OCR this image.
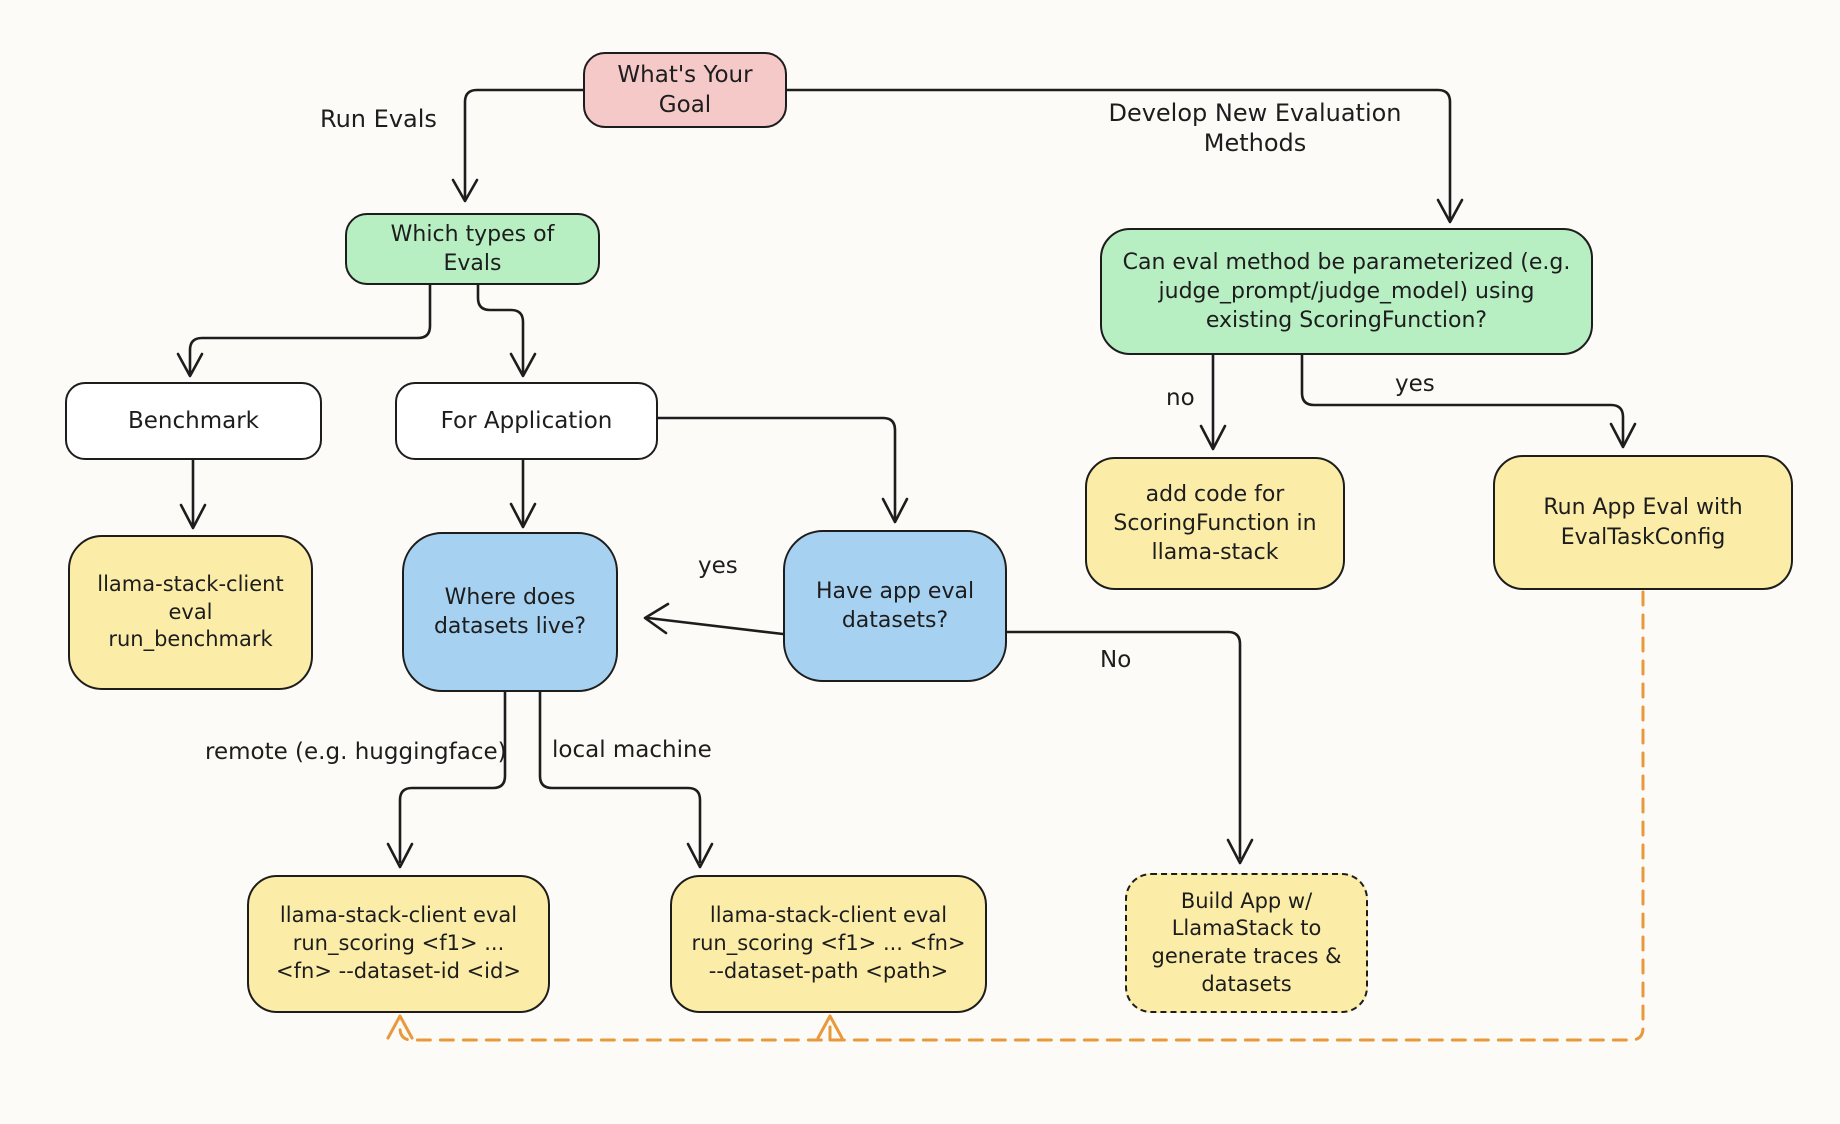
What's Your Goal
Which types of Evals
Benchmark	For Application
llama-stack-client eval run_benchmark
Where does datasets live?
Have app eval datasets?
Can eval method be parameterized (e.g. judge_prompt/judge_model) using existing ScoringFunction?
add code for ScoringFunction in llama-stack
Run App Eval with EvalTaskConfig
llama-stack-client eval run_scoring <f1> ... <fn> --dataset-id <id>
llama-stack-client eval run_scoring <f1> ... <fn> --dataset-path <path>
Build App w/ LlamaStack to generate traces & datasets
Run Evals	Develop New Evaluation Methods
yes
No
remote (e.g. huggingface) local machine
no
yes
